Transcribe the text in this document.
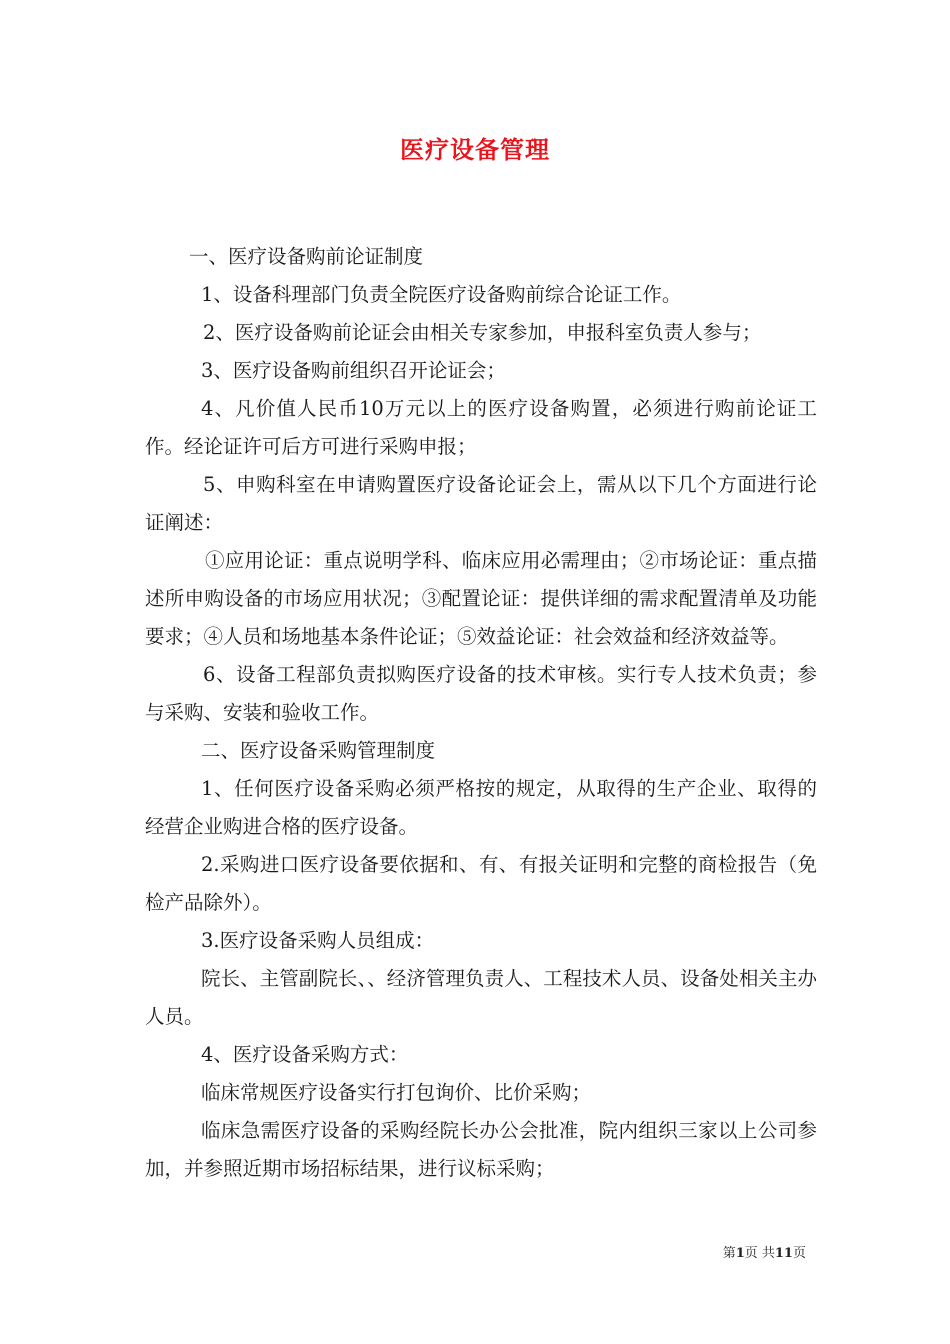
医疗设备管理

一、医疗设备购前论证制度

1、设备科理部门负责全院医疗设备购前综合论证工作。

2、医疗设备购前论证会由相关专家参加，申报科室负责人参与；

3、医疗设备购前组织召开论证会；

4、凡价值人民币10万元以上的医疗设备购置，必须进行购前论证工作。经论证许可后方可进行采购申报；

5、申购科室在申请购置医疗设备论证会上，需从以下几个方面进行论证阐述：

①应用论证：重点说明学科、临床应用必需理由；②市场论证：重点描述所申购设备的市场应用状况；③配置论证：提供详细的需求配置清单及功能要求；④人员和场地基本条件论证；⑤效益论证：社会效益和经济效益等。

6、设备工程部负责拟购医疗设备的技术审核。实行专人技术负责；参与采购、安装和验收工作。

二、医疗设备采购管理制度

1、任何医疗设备采购必须严格按的规定，从取得的生产企业、取得的经营企业购进合格的医疗设备。

2.采购进口医疗设备要依据和、有、有报关证明和完整的商检报告（免检产品除外）。

3.医疗设备采购人员组成：

院长、主管副院长、、经济管理负责人、工程技术人员、设备处相关主办人员。

4、医疗设备采购方式：

临床常规医疗设备实行打包询价、比价采购；

临床急需医疗设备的采购经院长办公会批准，院内组织三家以上公司参加，并参照近期市场招标结果，进行议标采购；

第1页 共11页
